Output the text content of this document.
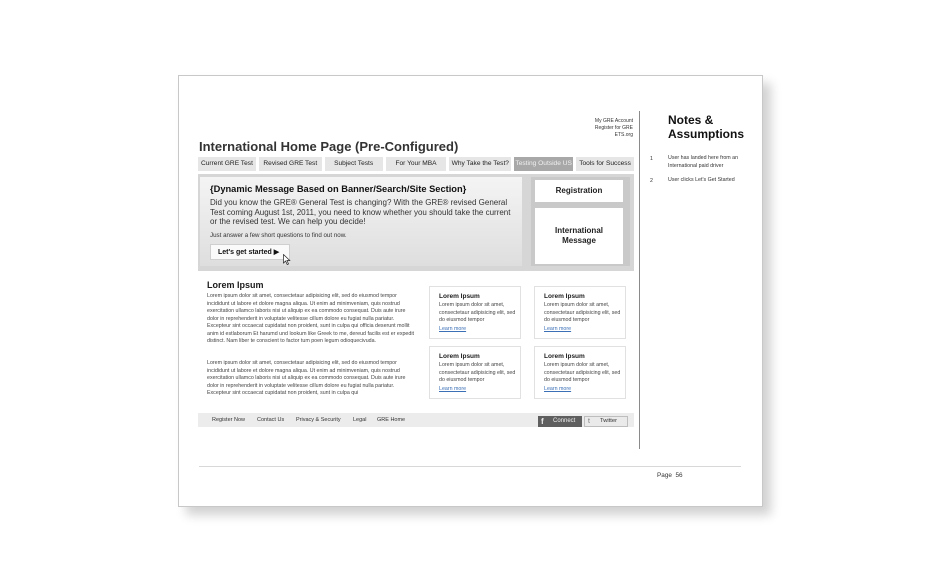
My GRE Account
Register for GRE
ETS.org
International Home Page (Pre-Configured)
Current GRE Test	Revised GRE Test	Subject Tests	For Your MBA	Why Take the Test? Testing Outside US	Tools for Success
{Dynamic Message Based on Banner/Search/Site Section}
Did you know the GRE® General Test is changing? With the GRE® revised General Test coming August 1st, 2011, you need to know whether you should take the current or the revised test. We can help you decide!
Just answer a few short questions to find out now.
Let's get started ▶
Registration
International Message
Lorem Ipsum
Lorem ipsum dolor sit amet, consectetaur adipisicing elit, sed do eiusmod tempor incididunt ut labore et dolore magna aliqua. Ut enim ad minimveniam, quis nostrud exercitation ullamco laboris nisi ut aliquip ex ea commodo consequat. Duis aute irure dolor in reprehenderit in voluptate velitesse cillum dolore eu fugiat nulla pariatur. Excepteur sint occaecat cupidatat non proident, sunt in culpa qui officia deserunt mollit anim id estlaborum Et harumd und lookum like Greek to me, dereud facilis est er expedit distinct. Nam liber te conscient to factor tum poen legum odioquecivuda.
Lorem ipsum dolor sit amet, consectetaur adipisicing elit, sed do eiusmod tempor incididunt ut labore et dolore magna aliqua. Ut enim ad minimveniam, quis nostrud exercitation ullamco laboris nisi ut aliquip ex ea commodo consequat. Duis aute irure dolor in reprehenderit in voluptate velitesse cillum dolore eu fugiat nulla pariatur. Excepteur sint occaecat cupidatat non proident, sunt in culpa qui
Lorem Ipsum
Lorem ipsum dolor sit amet, consectetaur adipisicing elit, sed do eiusmod tempor
Learn more
Lorem Ipsum
Lorem ipsum dolor sit amet, consectetaur adipisicing elit, sed do eiusmod tempor
Learn more
Lorem Ipsum
Lorem ipsum dolor sit amet, consectetaur adipisicing elit, sed do eiusmod tempor
Learn more
Lorem Ipsum
Lorem ipsum dolor sit amet, consectetaur adipisicing elit, sed do eiusmod tempor
Learn more
Register Now Contact Us Privacy & Security Legal GRE Home	f Connect t Twitter
Notes & Assumptions
1	User has landed here from an International paid driver
2	User clicks Let's Get Started
Page 56
